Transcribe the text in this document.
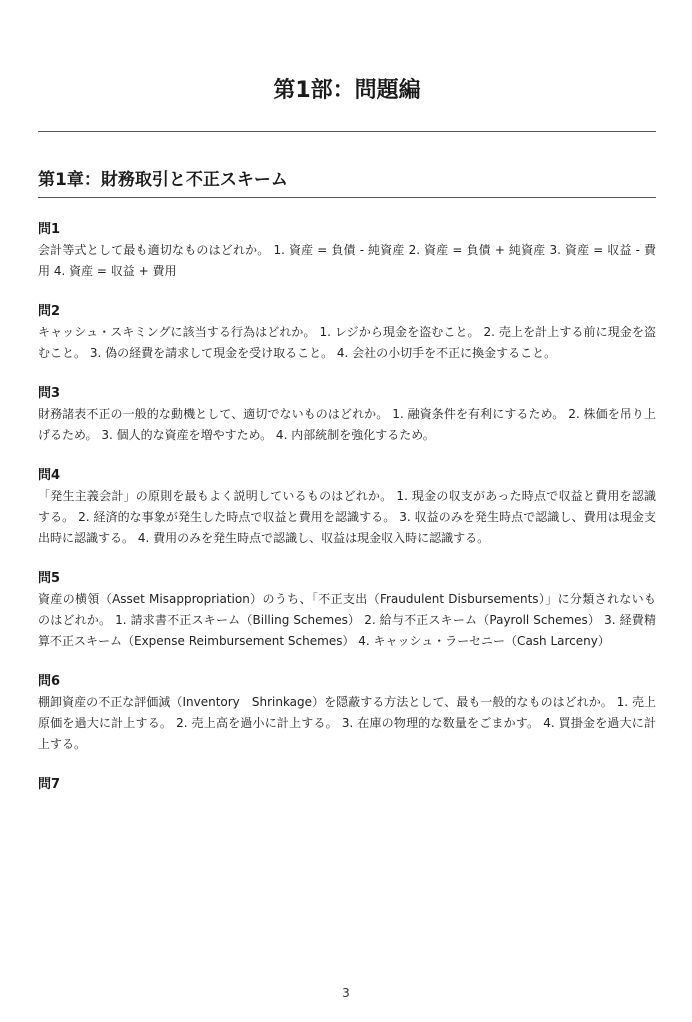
第1部：問題編
第1章：財務取引と不正スキーム
問1
会計等式として最も適切なものはどれか。 1. 資産 = 負債 - 純資産 2. 資産 = 負債 + 純資産 3. 資産 = 収益 - 費用 4. 資産 = 収益 + 費用
問2
キャッシュ・スキミングに該当する行為はどれか。 1. レジから現金を盗むこと。 2. 売上を計上する前に現金を盗むこと。 3. 偽の経費を請求して現金を受け取ること。 4. 会社の小切手を不正に換金すること。
問3
財務諸表不正の一般的な動機として、適切でないものはどれか。 1. 融資条件を有利にするため。 2. 株価を吊り上げるため。 3. 個人的な資産を増やすため。 4. 内部統制を強化するため。
問4
「発生主義会計」の原則を最もよく説明しているものはどれか。 1. 現金の収支があった時点で収益と費用を認識する。 2. 経済的な事象が発生した時点で収益と費用を認識する。 3. 収益のみを発生時点で認識し、費用は現金支出時に認識する。 4. 費用のみを発生時点で認識し、収益は現金収入時に認識する。
問5
資産の横領（Asset Misappropriation）のうち、「不正支出（Fraudulent Disbursements）」に分類されないものはどれか。 1. 請求書不正スキーム（Billing Schemes） 2. 給与不正スキーム（Payroll Schemes） 3. 経費精算不正スキーム（Expense Reimbursement Schemes） 4. キャッシュ・ラーセニー（Cash Larceny）
問6
棚卸資産の不正な評価減（Inventory　Shrinkage）を隠蔽する方法として、最も一般的なものはどれか。 1. 売上原価を過大に計上する。 2. 売上高を過小に計上する。 3. 在庫の物理的な数量をごまかす。 4. 買掛金を過大に計上する。
問7
3
